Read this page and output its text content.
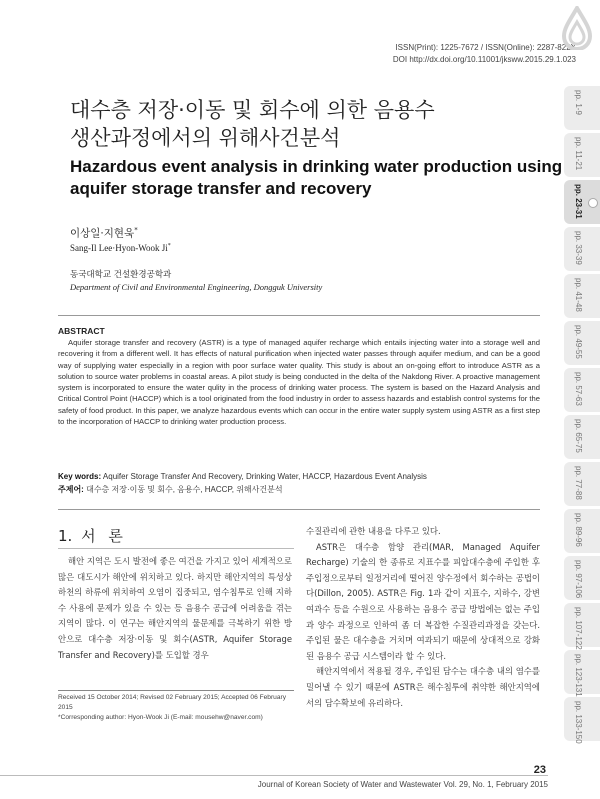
ISSN(Print): 1225-7672 / ISSN(Online): 2287-822X
DOI http://dx.doi.org/10.11001/jksww.2015.29.1.023
대수층 저장·이동 및 회수에 의한 음용수
생산과정에서의 위해사건분석
Hazardous event analysis in drinking water production using
aquifer storage transfer and recovery
이상일·지현욱*
Sang-Il Lee·Hyon-Wook Ji*
동국대학교 건설환경공학과
Department of Civil and Environmental Engineering, Dongguk University
ABSTRACT
Aquifer storage transfer and recovery (ASTR) is a type of managed aquifer recharge which entails injecting water into a storage well and recovering it from a different well. It has effects of natural purification when injected water passes through aquifer medium, and can be a good way of supplying water especially in a region with poor surface water quality. This study is about an on-going effort to introduce ASTR as a solution to source water problems in coastal areas. A pilot study is being conducted in the delta of the Nakdong River. A proactive management system is incorporated to ensure the water qulity in the process of drinking water process. The system is based on the Hazard Analysis and Critical Control Point (HACCP) which is a tool originated from the food industry in order to assess hazards and establish control systems for the safety of food product. In this paper, we analyze hazardous events which can occur in the entire water supply system using ASTR as a first step to the incorporation of HACCP to drinking water production process.
Key words: Aquifer Storage Transfer And Recovery, Drinking Water, HACCP, Hazardous Event Analysis
주제어: 대수층 저장·이동 및 회수, 음용수, HACCP, 위해사건분석
1. 서 론

해안 지역은 도시 발전에 좋은 여건을 가지고 있어 세계적으로 많은 대도시가 해안에 위치하고 있다. 하지만 해안지역의 특성상 하천의 하류에 위치하여 오염이 집중되고, 염수침투로 인해 지하수 사용에 문제가 있을 수 있는 등 음용수 공급에 어려움을 겪는 지역이 많다. 이 연구는 해안지역의 물문제를 극복하기 위한 방안으로 대수층 저장·이동 및 회수(ASTR, Aquifer Storage Transfer and Recovery)를 도입할 경우

Received 15 October 2014; Revised 02 February 2015; Accepted 06 February 2015
*Corresponding author: Hyon-Wook Ji (E-mail: mousehw@naver.com)

수질관리에 관한 내용을 다루고 있다.

ASTR은 대수층 함양 관리(MAR, Managed Aquifer Recharge) 기술의 한 종류로 지표수를 피압대수층에 주입한 후 주입정으로부터 일정거리에 떨어진 양수정에서 회수하는 공법이다(Dillon, 2005). ASTR은 Fig. 1과 같이 지표수, 지하수, 강변여과수 등을 수원으로 사용하는 음용수 공급 방법에는 없는 주입과 양수 과정으로 인하여 좀 더 복잡한 수질관리과정을 갖는다. 주입된 물은 대수층을 거치며 여과되기 때문에 상대적으로 강화된 음용수 공급 시스템이라 할 수 있다.

해안지역에서 적용될 경우, 주입된 담수는 대수층 내의 염수를 밀어낼 수 있기 때문에 ASTR은 해수침투에 취약한 해안지역에서의 담수확보에 유리하다.

23
Journal of Korean Society of Water and Wastewater Vol. 29, No. 1, February 2015
pp. 1-9
pp. 11-21
pp. 23-31
pp. 33-39
pp. 41-48
pp. 49-55
pp. 57-63
pp. 65-75
pp. 77-88
pp. 89-96
pp. 97-106
pp. 107-122
pp. 123-131
pp. 133-150
